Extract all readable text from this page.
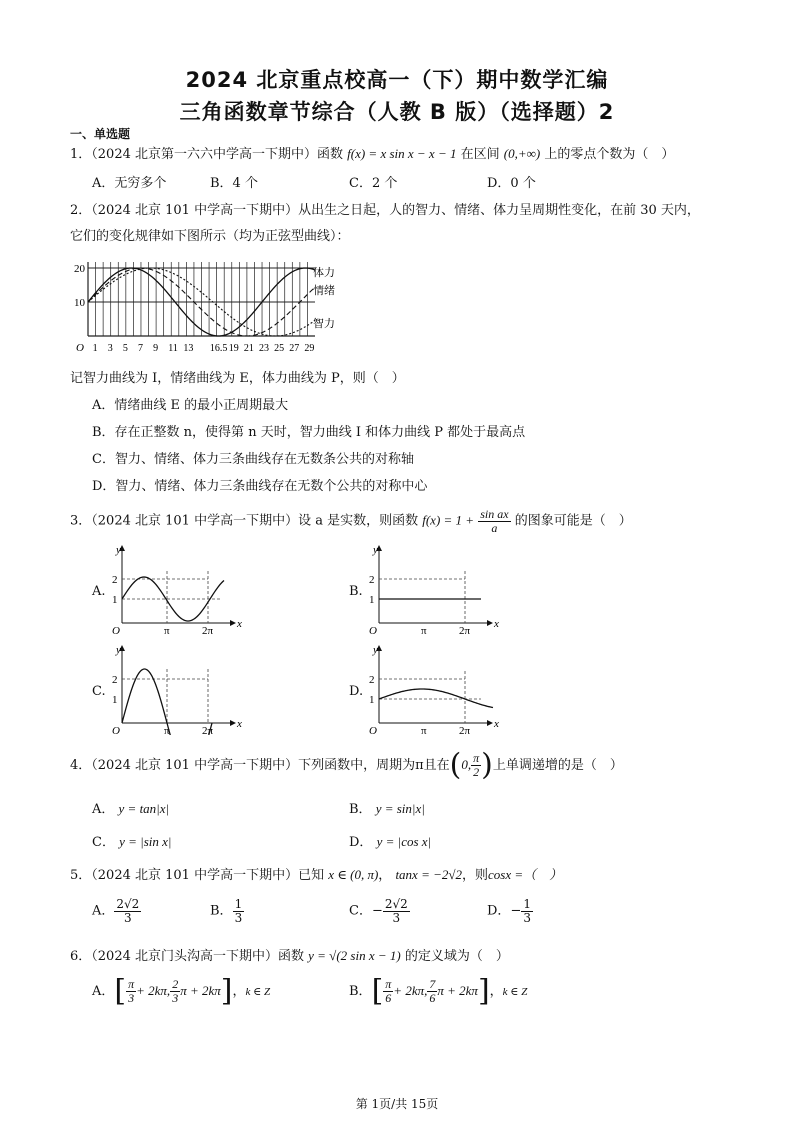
2024 北京重点校高一（下）期中数学汇编
三角函数章节综合（人教 B 版）（选择题）2
一、单选题
1．（2024 北京第一六六中学高一下期中）函数 f(x) = x sin x − x − 1 在区间 (0,+∞) 上的零点个数为（　）
A．无穷多个	B．4 个	C．2 个	D．0 个
2．（2024 北京 101 中学高一下期中）从出生之日起，人的智力、情绪、体力呈周期性变化，在前 30 天内，
它们的变化规律如下图所示（均为正弦型曲线）：
20
10
O 1 3 5 7 9 11 13 16.5 19 21 23 25 27 29
体力
情绪
智力
记智力曲线为 I，情绪曲线为 E，体力曲线为 P，则（　）
A．情绪曲线 E 的最小正周期最大
B．存在正整数 n，使得第 n 天时，智力曲线 I 和体力曲线 P 都处于最高点
C．智力、情绪、体力三条曲线存在无数条公共的对称轴
D．智力、情绪、体力三条曲线存在无数个公共的对称中心
3．（2024 北京 101 中学高一下期中）设 a 是实数，则函数 $f(x) = 1 + \frac{\text{sin ax}}{a}$ 的图象可能是（　）
A.	B.
C.	D.
y
x
O
2
1
π	2π
y
x
O
2
1
π	2π
y
x
O
2
1
π	2π
y
x
O
2
1
π	2π
4．（2024 北京 101 中学高一下期中）下列函数中，周期为π且在(0, $\frac{\pi}{2}$ )上单调递增的是（　）
A． y = tan|x|	B． y = sin|x|
C． y = |sin x|	D． y = |cos x|
5．（2024 北京 101 中学高一下期中）已知 x ∈ (0, π)， tanx = −2√2，则cosx =（　）
A． $\frac{2√2}{3}$	B． $\frac{1}{3}$	C．− $\frac{2√2}{3}$	D．− $\frac{1}{3}$
6．（2024 北京门头沟高一下期中）函数 y = √(2 sin x − 1) 的定义域为（　）
A．[ $\frac{\pi}{3} + 2k\pi$, $\frac{2}{3}$ π + 2kπ]，k ∈ Z	B．[ $\frac{\pi}{6} + 2k\pi$, $\frac{7}{6}$ π + 2kπ]，k ∈ Z
第 1页/共 15页
